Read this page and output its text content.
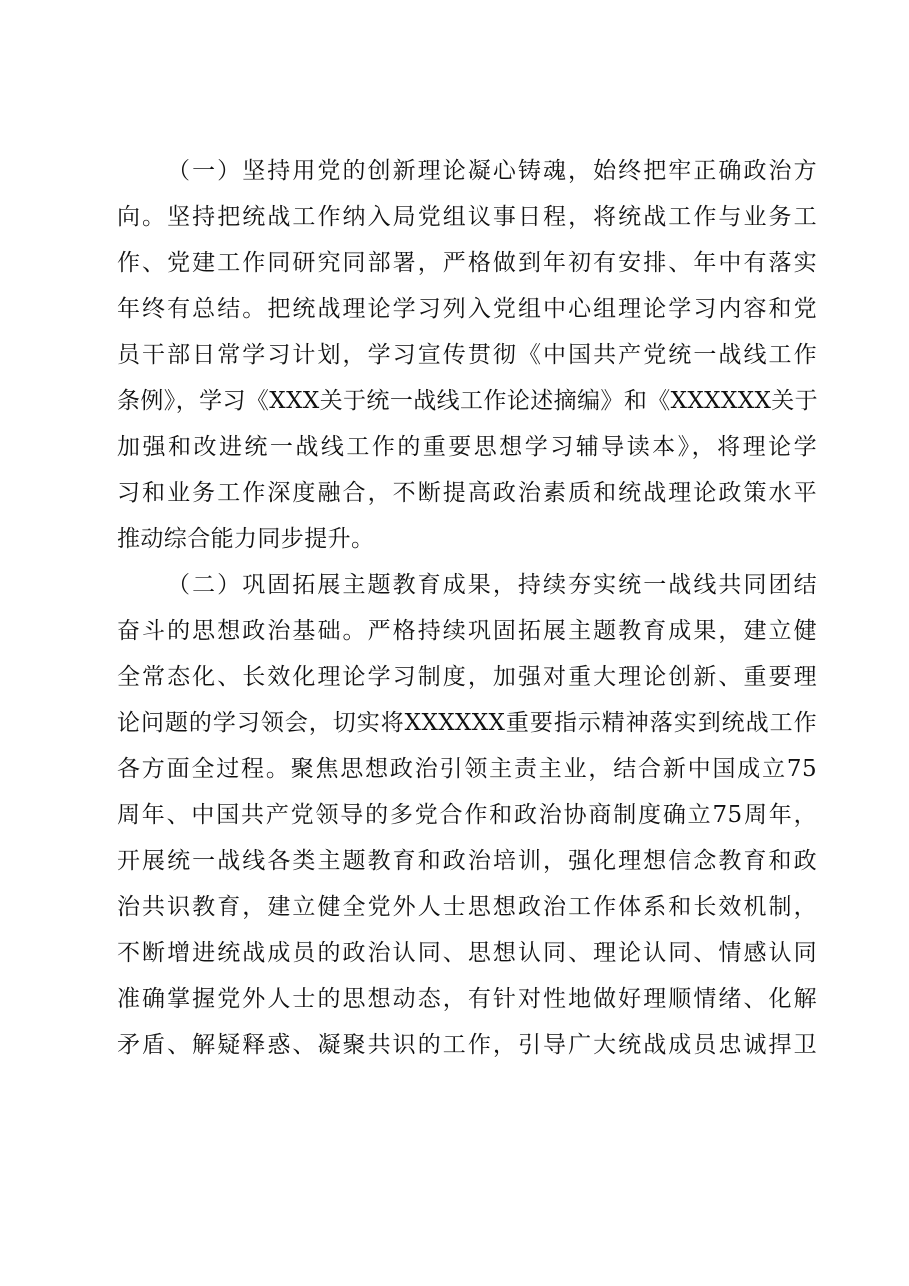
（一）坚持用党的创新理论凝心铸魂，始终把牢正确政治方
向。坚持把统战工作纳入局党组议事日程，将统战工作与业务工
作、党建工作同研究同部署，严格做到年初有安排、年中有落实
年终有总结。把统战理论学习列入党组中心组理论学习内容和党
员干部日常学习计划，学习宣传贯彻《中国共产党统一战线工作
条例》，学习《XXX关于统一战线工作论述摘编》和《XXXXXX关于
加强和改进统一战线工作的重要思想学习辅导读本》，将理论学
习和业务工作深度融合，不断提高政治素质和统战理论政策水平
推动综合能力同步提升。
（二）巩固拓展主题教育成果，持续夯实统一战线共同团结
奋斗的思想政治基础。严格持续巩固拓展主题教育成果，建立健
全常态化、长效化理论学习制度，加强对重大理论创新、重要理
论问题的学习领会，切实将XXXXXX重要指示精神落实到统战工作
各方面全过程。聚焦思想政治引领主责主业，结合新中国成立75
周年、中国共产党领导的多党合作和政治协商制度确立75周年，
开展统一战线各类主题教育和政治培训，强化理想信念教育和政
治共识教育，建立健全党外人士思想政治工作体系和长效机制，
不断增进统战成员的政治认同、思想认同、理论认同、情感认同
准确掌握党外人士的思想动态，有针对性地做好理顺情绪、化解
矛盾、解疑释惑、凝聚共识的工作，引导广大统战成员忠诚捍卫
